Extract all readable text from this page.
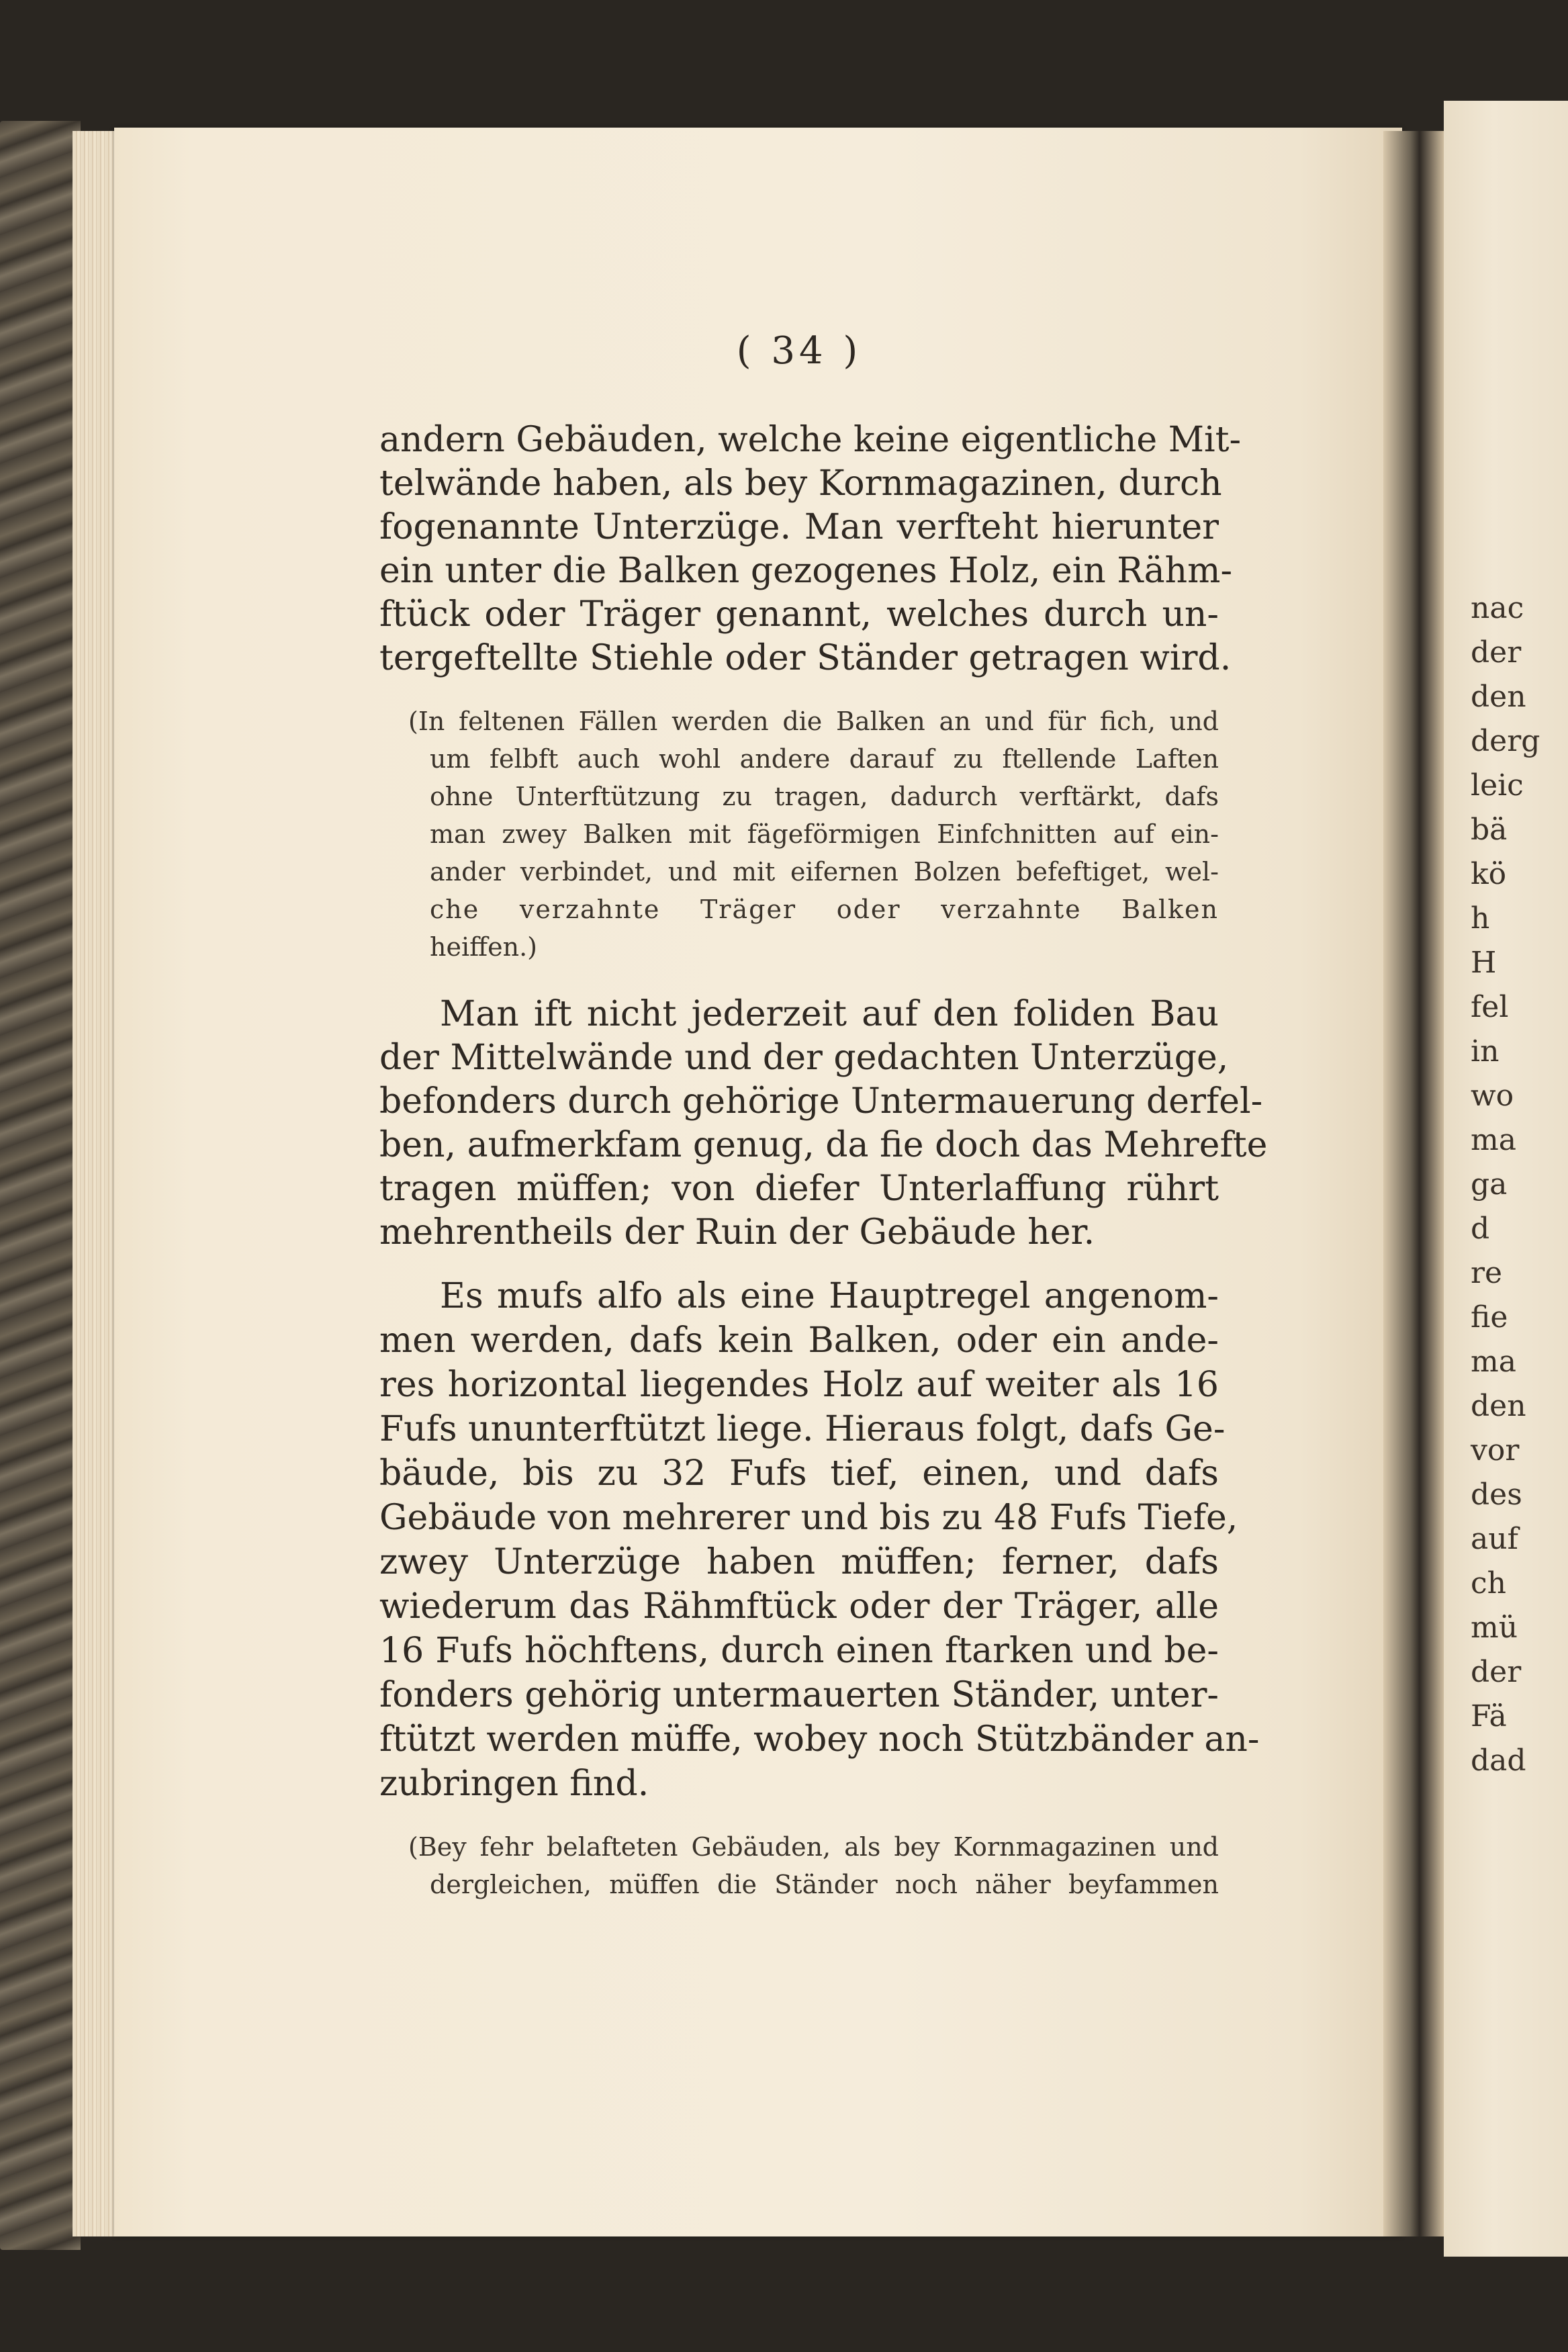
nac
der
den
derg
leic
bä
kö
h
H
fel
in
wo
ma
ga
d
re
fie
ma
den
vor
des
auf
ch
mü
der
Fä
dad
( 34 )
andern Gebäuden, welche keine eigentliche Mit-
telwände haben, als bey Kornmagazinen, durch
fogenannte Unterzüge. Man verfteht hierunter
ein unter die Balken gezogenes Holz, ein Rähm-
ftück oder Träger genannt, welches durch un-
tergeftellte Stiehle oder Ständer getragen wird.
(In feltenen Fällen werden die Balken an und für fich, und
um felbft auch wohl andere darauf zu ftellende Laften
ohne Unterftützung zu tragen, dadurch verftärkt, dafs
man zwey Balken mit fägeförmigen Einfchnitten auf ein-
ander verbindet, und mit eifernen Bolzen befeftiget, wel-
che verzahnte Träger oder verzahnte Balken
heiffen.)
Man ift nicht jederzeit auf den foliden Bau
der Mittelwände und der gedachten Unterzüge,
befonders durch gehörige Untermauerung derfel-
ben, aufmerkfam genug, da fie doch das Mehrefte
tragen müffen; von diefer Unterlaffung rührt
mehrentheils der Ruin der Gebäude her.
Es mufs alfo als eine Hauptregel angenom-
men werden, dafs kein Balken, oder ein ande-
res horizontal liegendes Holz auf weiter als 16
Fufs ununterftützt liege. Hieraus folgt, dafs Ge-
bäude, bis zu 32 Fufs tief, einen, und dafs
Gebäude von mehrerer und bis zu 48 Fufs Tiefe,
zwey Unterzüge haben müffen; ferner, dafs
wiederum das Rähmftück oder der Träger, alle
16 Fufs höchftens, durch einen ftarken und be-
fonders gehörig untermauerten Ständer, unter-
ftützt werden müffe, wobey noch Stützbänder an-
zubringen find.
(Bey fehr belafteten Gebäuden, als bey Kornmagazinen und
dergleichen, müffen die Ständer noch näher beyfammen
